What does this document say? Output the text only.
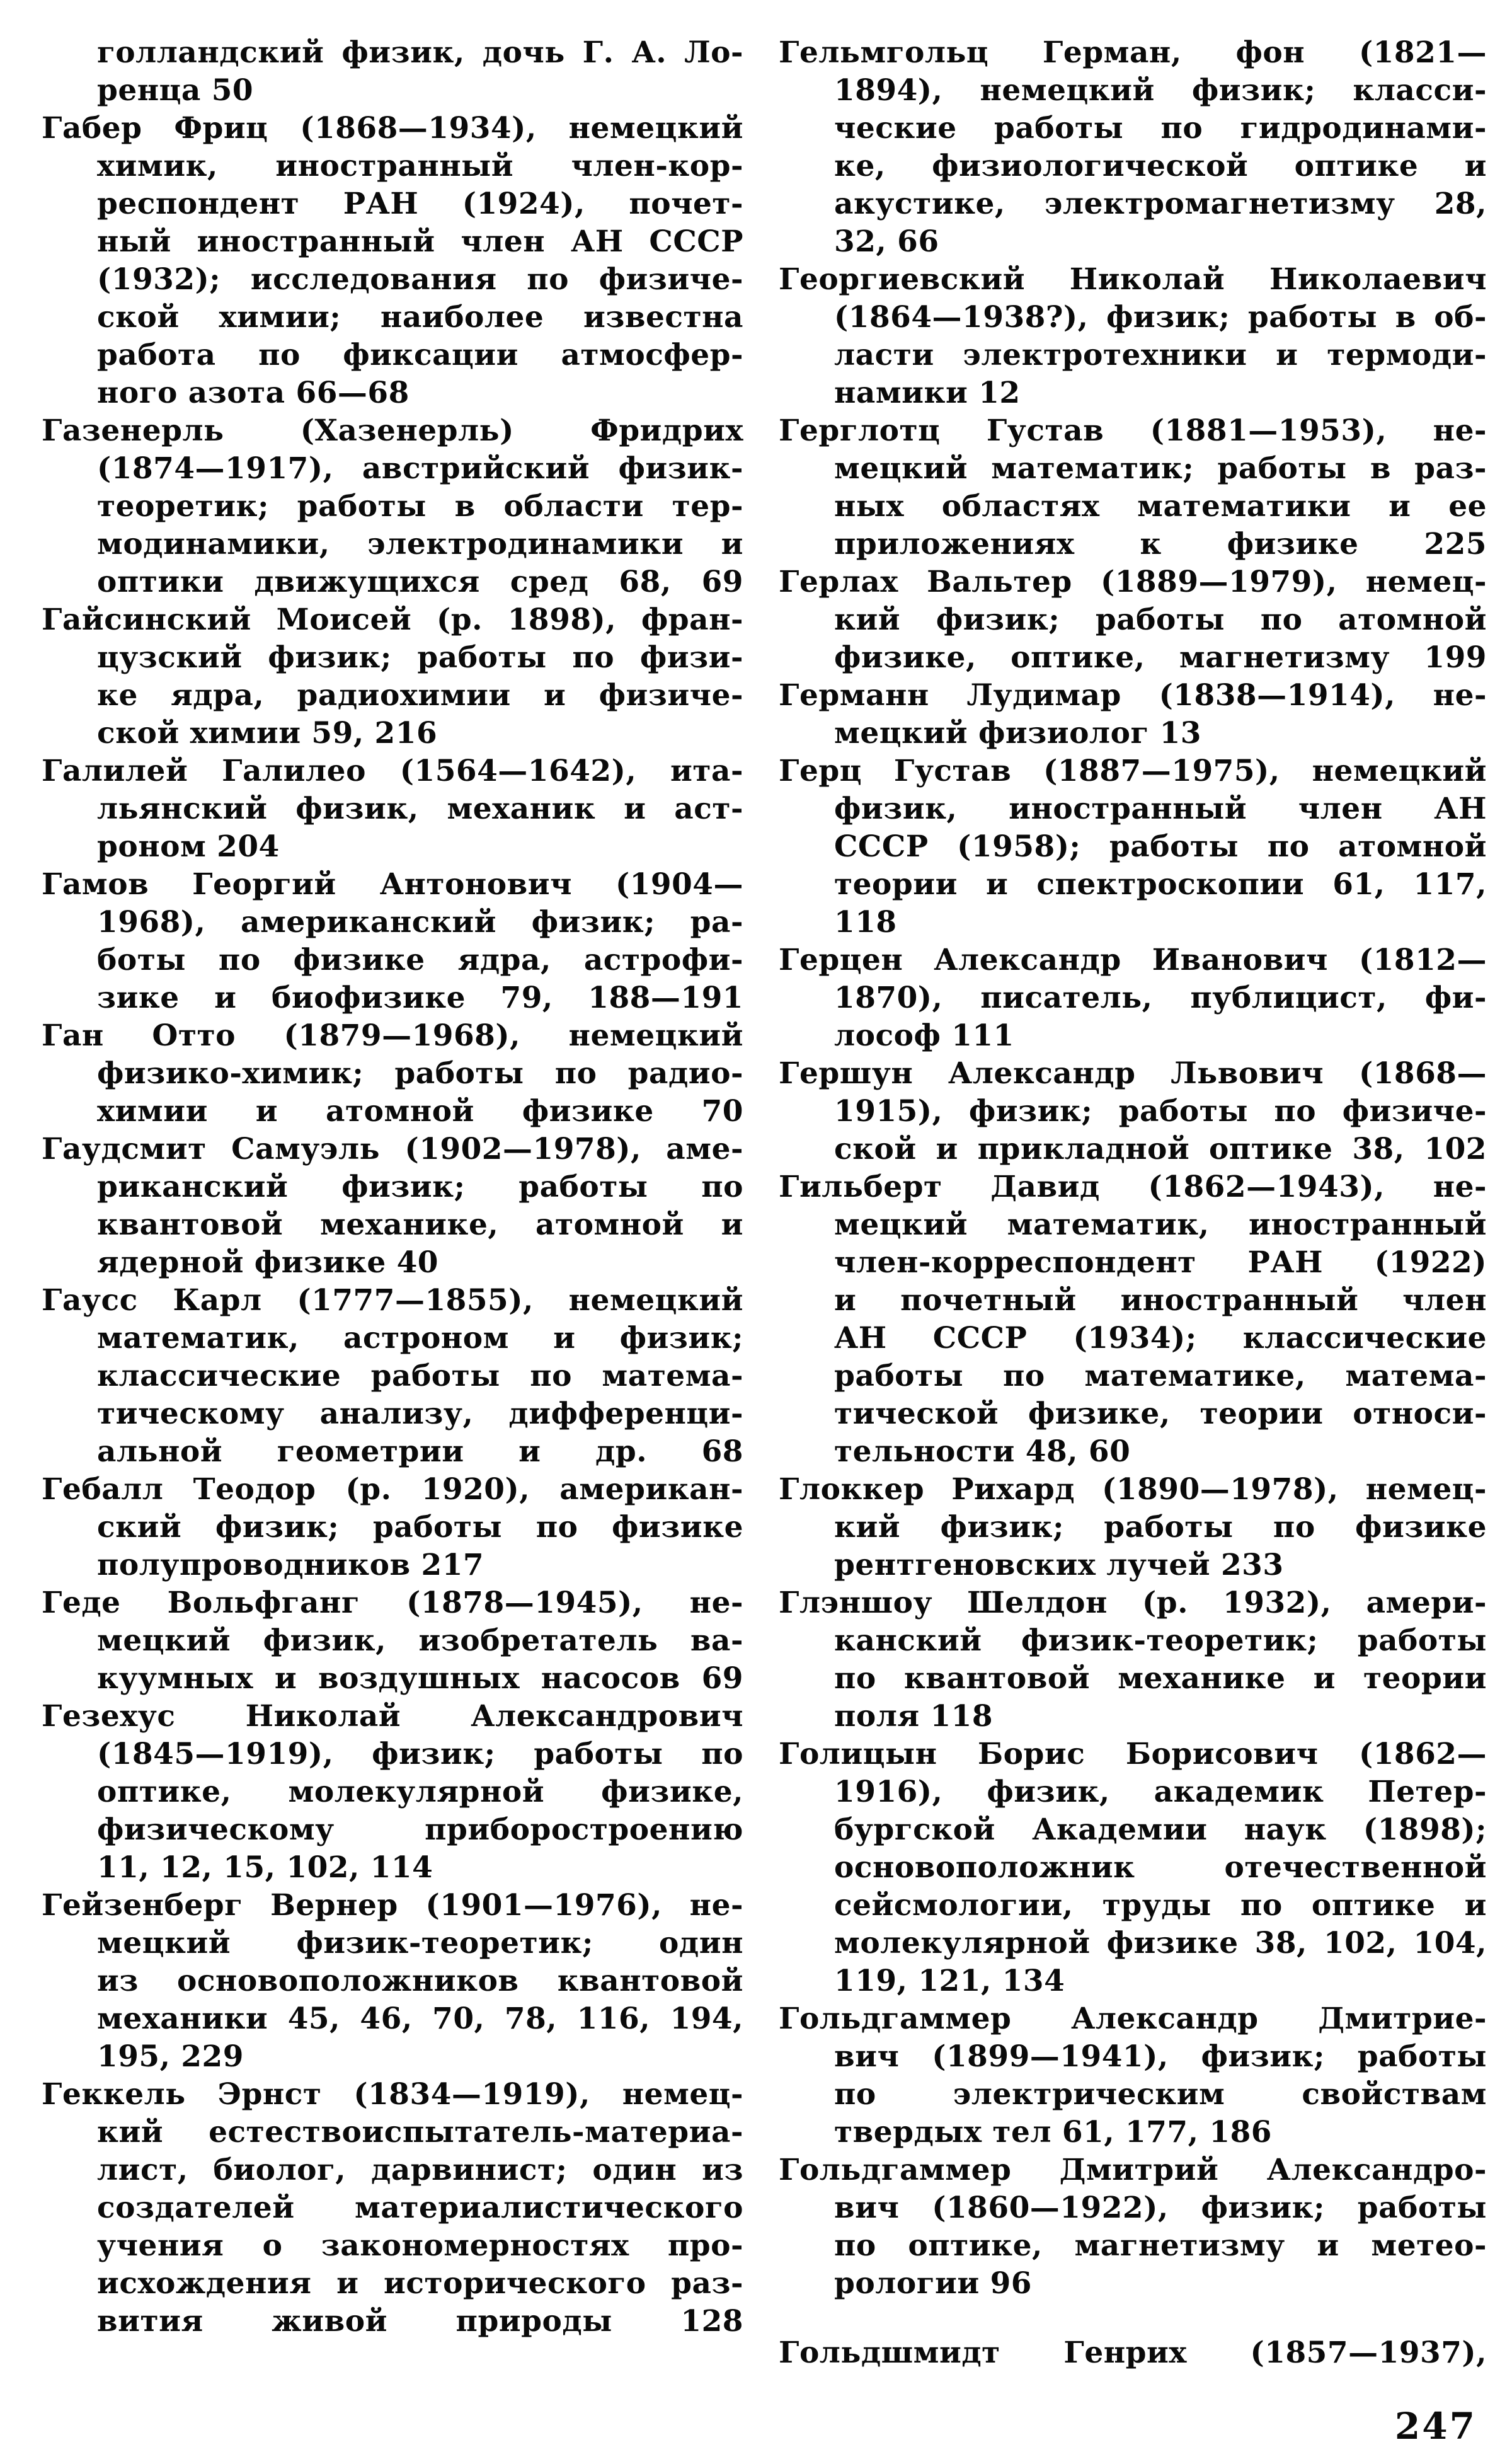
голландский физик, дочь Г. А. Ло-
ренца 50
Габер Фриц (1868—1934), немецкий
химик, иностранный член-кор-
респондент РАН (1924), почет-
ный иностранный член АН СССР
(1932); исследования по физиче-
ской химии; наиболее известна
работа по фиксации атмосфер-
ного азота 66—68
Газенерль (Хазенерль) Фридрих
(1874—1917), австрийский физик-
теоретик; работы в области тер-
модинамики, электродинамики и
оптики движущихся сред 68, 69
Гайсинский Моисей (р. 1898), фран-
цузский физик; работы по физи-
ке ядра, радиохимии и физиче-
ской химии 59, 216
Галилей Галилео (1564—1642), ита-
льянский физик, механик и аст-
роном 204
Гамов Георгий Антонович (1904—
1968), американский физик; ра-
боты по физике ядра, астрофи-
зике и биофизике 79, 188—191
Ган Отто (1879—1968), немецкий
физико-химик; работы по радио-
химии и атомной физике 70
Гаудсмит Самуэль (1902—1978), аме-
риканский физик; работы по
квантовой механике, атомной и
ядерной физике 40
Гаусс Карл (1777—1855), немецкий
математик, астроном и физик;
классические работы по матема-
тическому анализу, дифференци-
альной геометрии и др. 68
Гебалл Теодор (р. 1920), американ-
ский физик; работы по физике
полупроводников 217
Геде Вольфганг (1878—1945), не-
мецкий физик, изобретатель ва-
куумных и воздушных насосов 69
Гезехус Николай Александрович
(1845—1919), физик; работы по
оптике, молекулярной физике,
физическому приборостроению
11, 12, 15, 102, 114
Гейзенберг Вернер (1901—1976), не-
мецкий физик-теоретик; один
из основоположников квантовой
механики 45, 46, 70, 78, 116, 194,
195, 229
Геккель Эрнст (1834—1919), немец-
кий естествоиспытатель-материа-
лист, биолог, дарвинист; один из
создателей материалистического
учения о закономерностях про-
исхождения и исторического раз-
вития живой природы 128
Гельмгольц Герман, фон (1821—
1894), немецкий физик; класси-
ческие работы по гидродинами-
ке, физиологической оптике и
акустике, электромагнетизму 28,
32, 66
Георгиевский Николай Николаевич
(1864—1938?), физик; работы в об-
ласти электротехники и термоди-
намики 12
Герглотц Густав (1881—1953), не-
мецкий математик; работы в раз-
ных областях математики и ее
приложениях к физике 225
Герлах Вальтер (1889—1979), немец-
кий физик; работы по атомной
физике, оптике, магнетизму 199
Германн Лудимар (1838—1914), не-
мецкий физиолог 13
Герц Густав (1887—1975), немецкий
физик, иностранный член АН
СССР (1958); работы по атомной
теории и спектроскопии 61, 117,
118
Герцен Александр Иванович (1812—
1870), писатель, публицист, фи-
лософ 111
Гершун Александр Львович (1868—
1915), физик; работы по физиче-
ской и прикладной оптике 38, 102
Гильберт Давид (1862—1943), не-
мецкий математик, иностранный
член-корреспондент РАН (1922)
и почетный иностранный член
АН СССР (1934); классические
работы по математике, матема-
тической физике, теории относи-
тельности 48, 60
Глоккер Рихард (1890—1978), немец-
кий физик; работы по физике
рентгеновских лучей 233
Глэншоу Шелдон (р. 1932), амери-
канский физик-теоретик; работы
по квантовой механике и теории
поля 118
Голицын Борис Борисович (1862—
1916), физик, академик Петер-
бургской Академии наук (1898);
основоположник отечественной
сейсмологии, труды по оптике и
молекулярной физике 38, 102, 104,
119, 121, 134
Гольдгаммер Александр Дмитрие-
вич (1899—1941), физик; работы
по электрическим свойствам
твердых тел 61, 177, 186
Гольдгаммер Дмитрий Александро-
вич (1860—1922), физик; работы
по оптике, магнетизму и метео-
рологии 96
Гольдшмидт Генрих (1857—1937),
247
